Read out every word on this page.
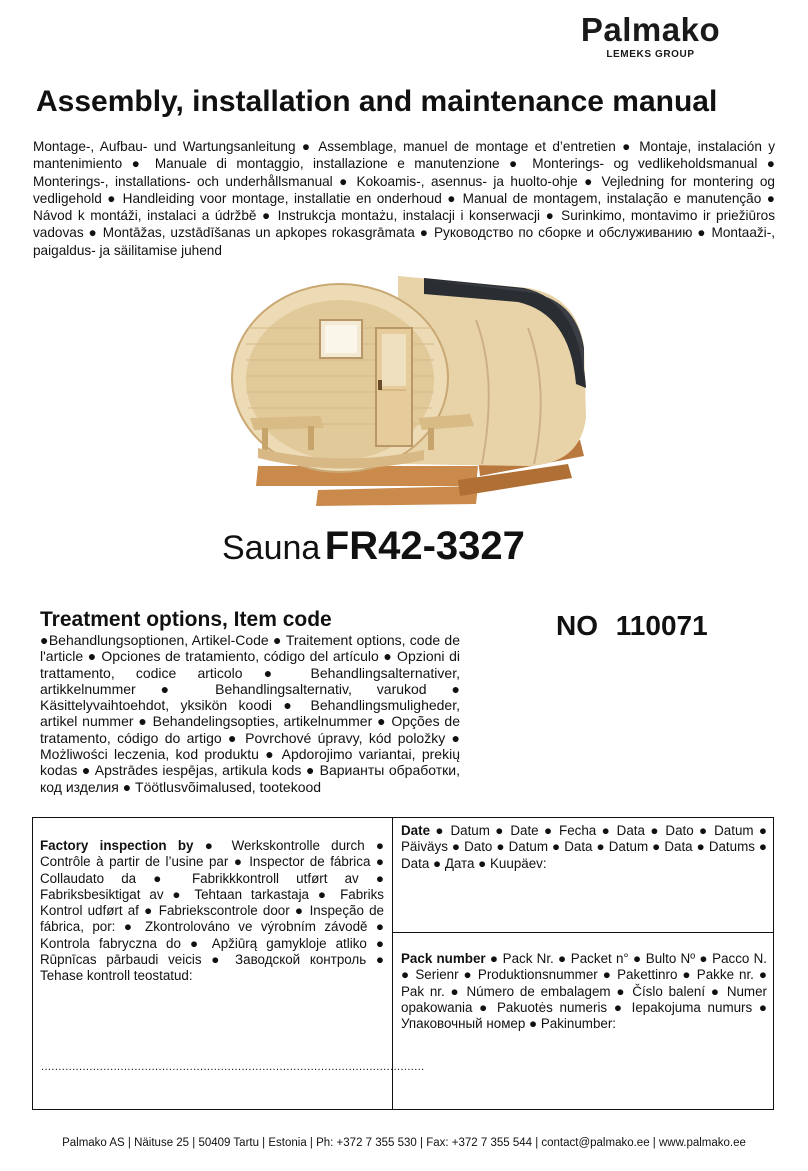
Palmako
LEMEKS GROUP
Assembly, installation and maintenance manual
Montage-, Aufbau- und Wartungsanleitung ● Assemblage, manuel de montage et d’entretien ● Montaje, instalación y mantenimiento ● Manuale di montaggio, installazione e manutenzione ● Monterings- og vedlikeholdsmanual ● Monterings-, installations- och underhållsmanual ● Kokoamis-, asennus- ja huolto-ohje ● Vejledning for montering og vedligehold ● Handleiding voor montage, installatie en onderhoud ● Manual de montagem, instalação e manutenção ● Návod k montáži, instalaci a údržbě ● Instrukcja montażu, instalacji i konserwacji ● Surinkimo, montavimo ir priežiūros vadovas ● Montāžas, uzstādīšanas un apkopes rokasgrāmata ● Руководство по сборке и обслуживанию ● Montaaži-, paigaldus- ja säilitamise juhend
Sauna FR42-3327
Treatment options, Item code
●Behandlungsoptionen, Artikel-Code ● Traitement options, code de l'article ● Opciones de tratamiento, código del artículo ● Opzioni di trattamento, codice articolo ● Behandlingsalternativer, artikkelnummer ● Behandlingsalternativ, varukod ● Käsittelyvaihtoehdot, yksikön koodi ● Behandlingsmuligheder, artikel nummer ● Behandelingsopties, artikelnummer ● Opções de tratamento, código do artigo ● Povrchové úpravy, kód položky ● Możliwości leczenia, kod produktu ● Apdorojimo variantai, prekių kodas ● Apstrādes iespējas, artikula kods ● Варианты обработки, код изделия ● Töötlusvõimalused, tootekood
NO 110071
Factory inspection by ● Werkskontrolle durch ● Contrôle à partir de l’usine par ● Inspector de fábrica ● Collaudato da ● Fabrikkkontroll utført av ● Fabriksbesiktigat av ● Tehtaan tarkastaja ● Fabriks Kontrol udført af ● Fabriekscontrole door ● Inspeção de fábrica, por: ● Zkontrolováno ve výrobním závodě ● Kontrola fabryczna do ● Apžiūrą gamykloje atliko ● Rūpnīcas pārbaudi veicis ● Заводской контроль ● Tehase kontroll teostatud:
...............................................................................................................
Date ● Datum ● Date ● Fecha ● Data ● Dato ● Datum ● Päiväys ● Dato ● Datum ● Data ● Datum ● Data ● Datums ● Data ● Дата ● Kuupäev:
Pack number ● Pack Nr. ● Packet n° ● Bulto Nº ● Pacco N. ● Serienr ● Produktionsnummer ● Pakettinro ● Pakke nr. ● Pak nr. ● Número de embalagem ● Číslo balení ● Numer opakowania ● Pakuotės numeris ● Iepakojuma numurs ● Упаковочный номер ● Pakinumber:
Palmako AS | Näituse 25 | 50409 Tartu | Estonia | Ph: +372 7 355 530 | Fax: +372 7 355 544 | contact@palmako.ee | www.palmako.ee
